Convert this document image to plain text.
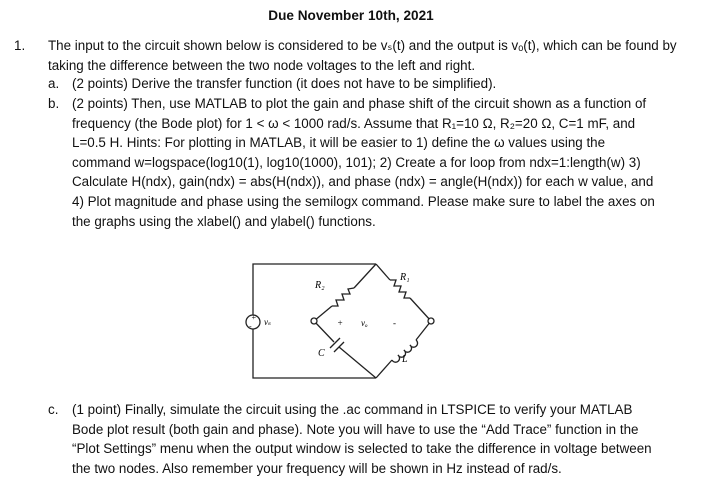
Due November 10th, 2021
1. The input to the circuit shown below is considered to be vₛ(t) and the output is vₒ(t), which can be found by taking the difference between the two node voltages to the left and right.
a. (2 points) Derive the transfer function (it does not have to be simplified).
b. (2 points) Then, use MATLAB to plot the gain and phase shift of the circuit shown as a function of frequency (the Bode plot) for 1 < ω < 1000 rad/s. Assume that R₁=10 Ω, R₂=20 Ω, C=1 mF, and L=0.5 H. Hints: For plotting in MATLAB, it will be easier to 1) define the ω values using the command w=logspace(log10(1), log10(1000), 101); 2) Create a for loop from ndx=1:length(w) 3) Calculate H(ndx), gain(ndx) = abs(H(ndx)), and phase (ndx) = angle(H(ndx)) for each w value, and 4) Plot magnitude and phase using the semilogx command. Please make sure to label the axes on the graphs using the xlabel() and ylabel() functions.
+
- vₛ
R₂
R₁
C
L
+ vₒ	-
c. (1 point) Finally, simulate the circuit using the .ac command in LTSPICE to verify your MATLAB Bode plot result (both gain and phase). Note you will have to use the “Add Trace” function in the “Plot Settings” menu when the output window is selected to take the difference in voltage between the two nodes. Also remember your frequency will be shown in Hz instead of rad/s.
